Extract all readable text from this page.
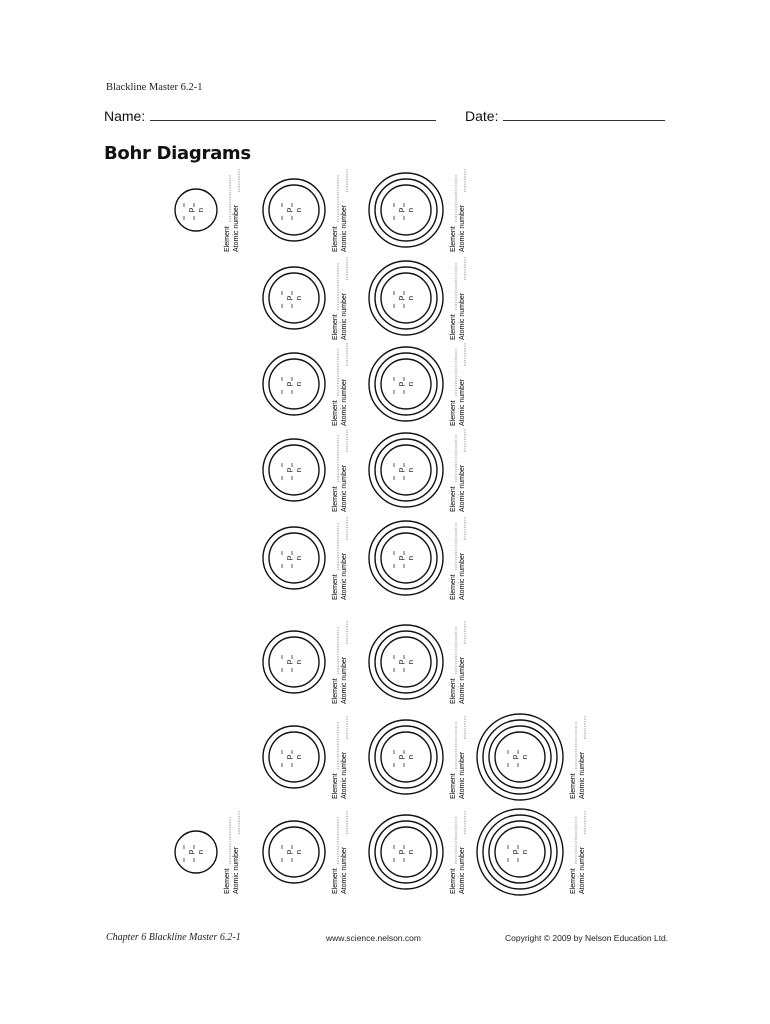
Blackline Master 6.2-1
Name:	Date:
Bohr Diagrams
p n
Element Atomic number
p n
Element Atomic number
p n
Element Atomic number
p n
Element Atomic number
p n
Element Atomic number
p n
Element Atomic number
p n
Element Atomic number
p n
Element Atomic number
p n
Element Atomic number
p n
Element Atomic number
p n
Element Atomic number
p n
Element Atomic number
p n
Element Atomic number
p n
Element Atomic number
p n
Element Atomic number
p n
Element Atomic number
p n
Element Atomic number
p n
Element Atomic number
p n
Element Atomic number
p n
Element Atomic number
Chapter 6 Blackline Master 6.2-1	www.science.nelson.com	Copyright © 2009 by Nelson Education Ltd.
